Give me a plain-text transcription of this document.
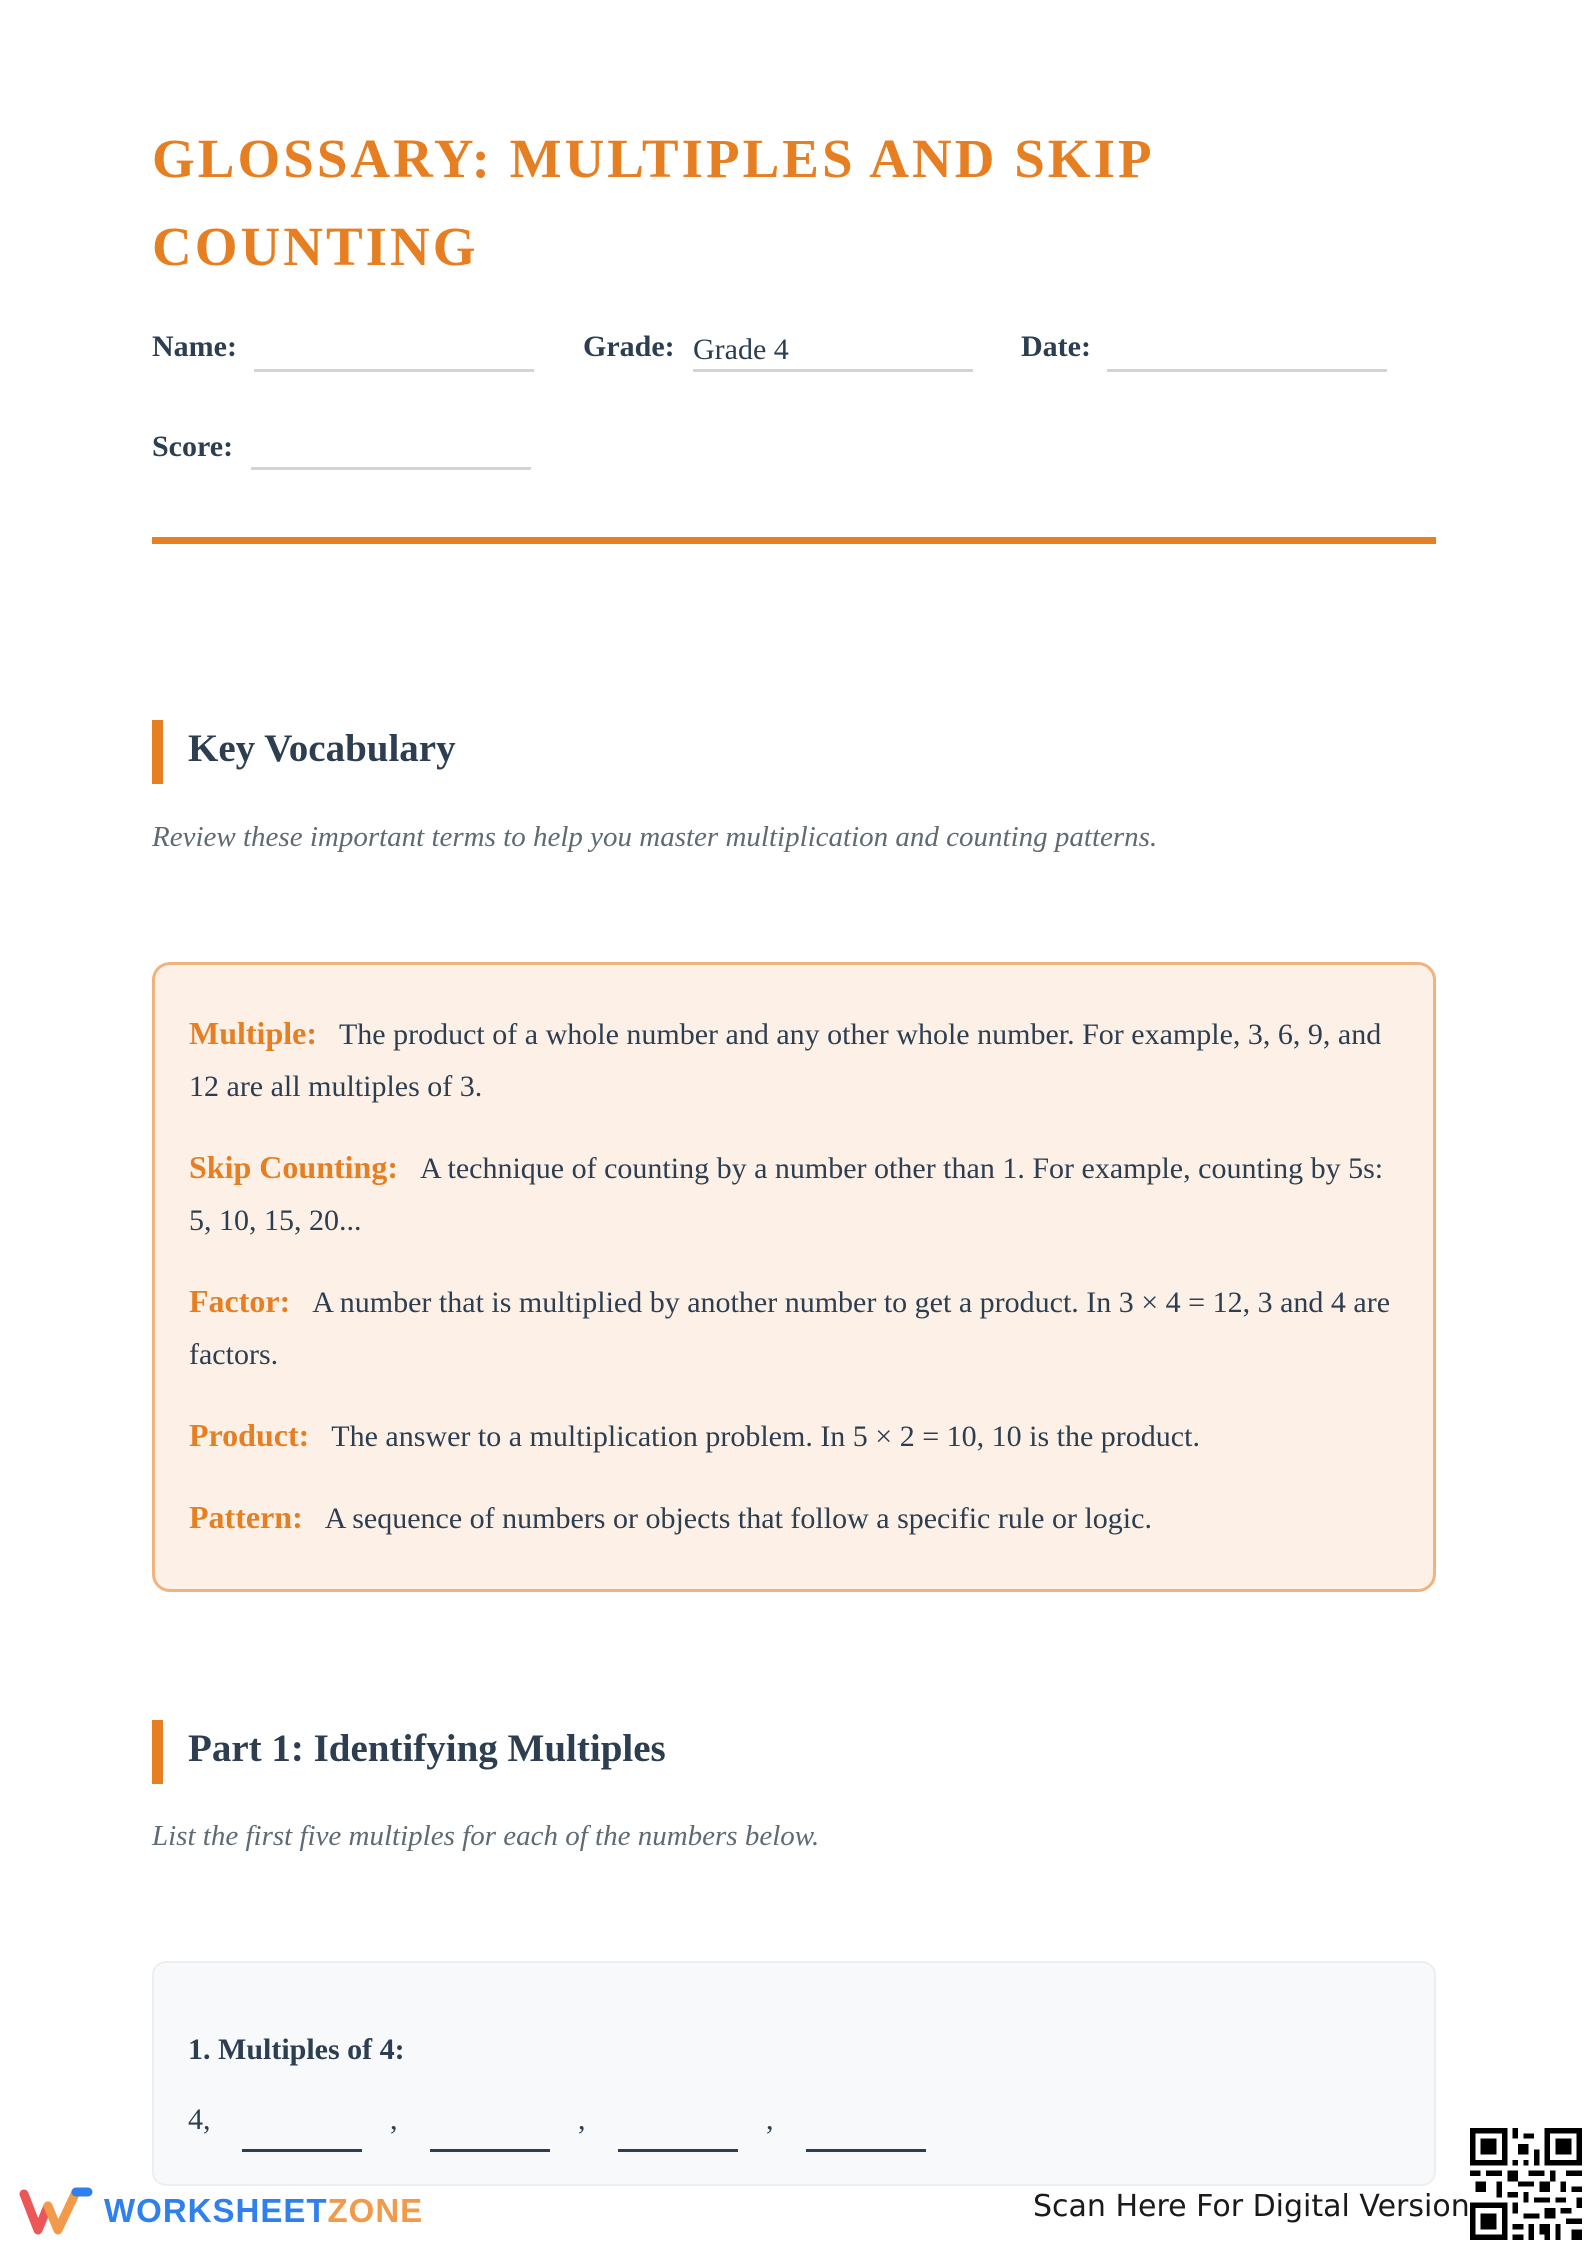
GLOSSARY: MULTIPLES AND SKIP COUNTING
Name:	Grade: Grade 4	Date:
Score:
Key Vocabulary
Review these important terms to help you master multiplication and counting patterns.
Multiple: The product of a whole number and any other whole number. For example, 3, 6, 9, and 12 are all multiples of 3.
Skip Counting: A technique of counting by a number other than 1. For example, counting by 5s: 5, 10, 15, 20...
Factor: A number that is multiplied by another number to get a product. In 3 × 4 = 12, 3 and 4 are factors.
Product: The answer to a multiplication problem. In 5 × 2 = 10, 10 is the product.
Pattern: A sequence of numbers or objects that follow a specific rule or logic.
Part 1: Identifying Multiples
List the first five multiples for each of the numbers below.
1. Multiples of 4:
4,	,	,	,
WORKSHEETZONE	Scan Here For Digital Version
